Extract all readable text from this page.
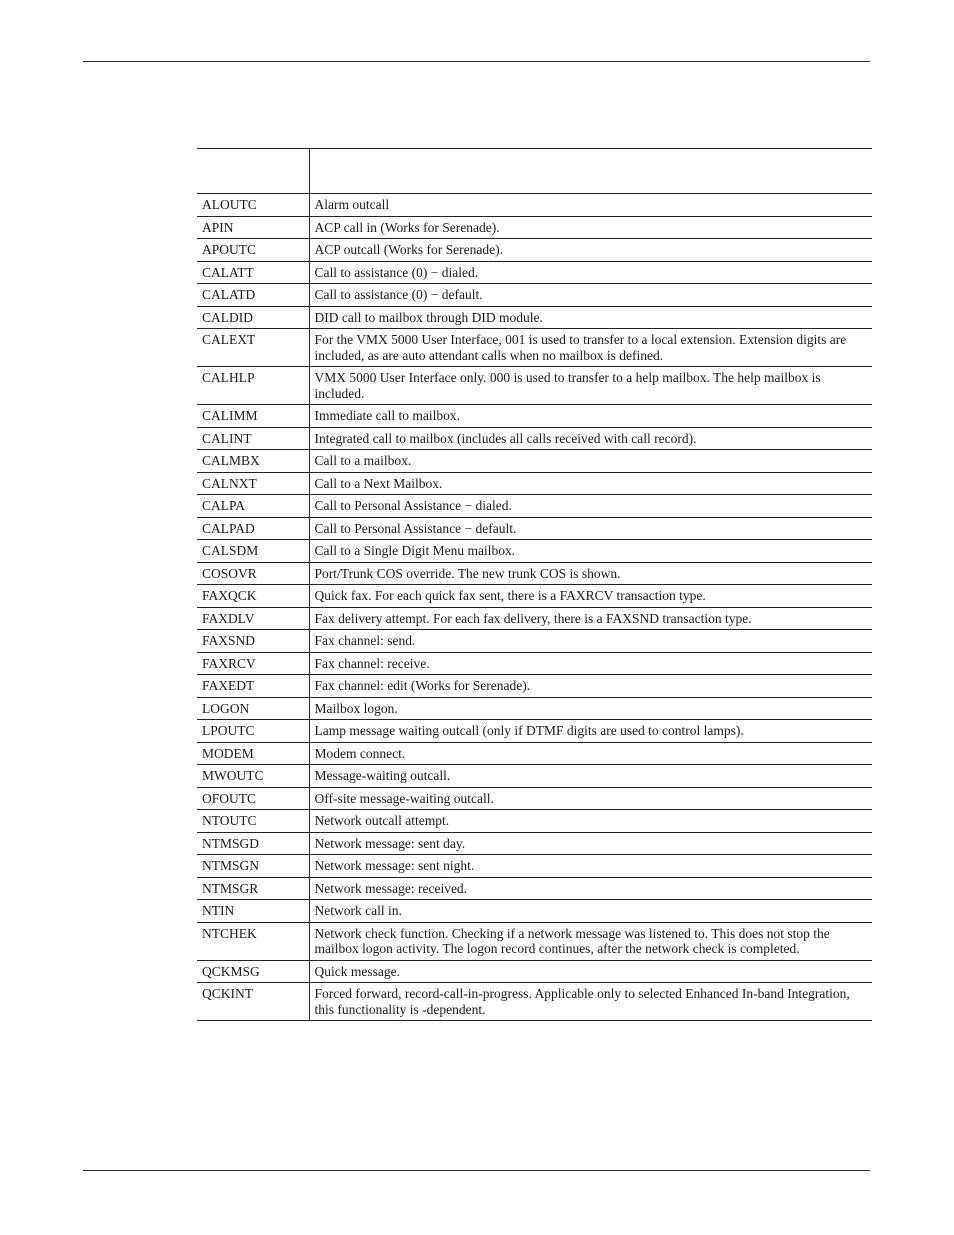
ALOUTC	Alarm outcall
APIN	ACP call in (Works for Serenade).
APOUTC	ACP outcall (Works for Serenade).
CALATT	Call to assistance (0) − dialed.
CALATD	Call to assistance (0) − default.
CALDID	DID call to mailbox through DID module.
CALEXT	For the VMX 5000 User Interface, 001 is used to transfer to a local extension. Extension digits are included, as are auto attendant calls when no mailbox is defined.
CALHLP	VMX 5000 User Interface only. 000 is used to transfer to a help mailbox. The help mailbox is included.
CALIMM	Immediate call to mailbox.
CALINT	Integrated call to mailbox (includes all calls received with call record).
CALMBX	Call to a mailbox.
CALNXT	Call to a Next Mailbox.
CALPA	Call to Personal Assistance − dialed.
CALPAD	Call to Personal Assistance − default.
CALSDM	Call to a Single Digit Menu mailbox.
COSOVR	Port/Trunk COS override. The new trunk COS is shown.
FAXQCK	Quick fax. For each quick fax sent, there is a FAXRCV transaction type.
FAXDLV	Fax delivery attempt. For each fax delivery, there is a FAXSND transaction type.
FAXSND	Fax channel: send.
FAXRCV	Fax channel: receive.
FAXEDT	Fax channel: edit (Works for Serenade).
LOGON	Mailbox logon.
LPOUTC	Lamp message waiting outcall (only if DTMF digits are used to control lamps).
MODEM	Modem connect.
MWOUTC	Message-waiting outcall.
OFOUTC	Off-site message-waiting outcall.
NTOUTC	Network outcall attempt.
NTMSGD	Network message: sent day.
NTMSGN	Network message: sent night.
NTMSGR	Network message: received.
NTIN	Network call in.
NTCHEK	Network check function. Checking if a network message was listened to. This does not stop the mailbox logon activity. The logon record continues, after the network check is completed.
QCKMSG	Quick message.
QCKINT	Forced forward, record-call-in-progress. Applicable only to selected Enhanced In-band Integration, this functionality is -dependent.
